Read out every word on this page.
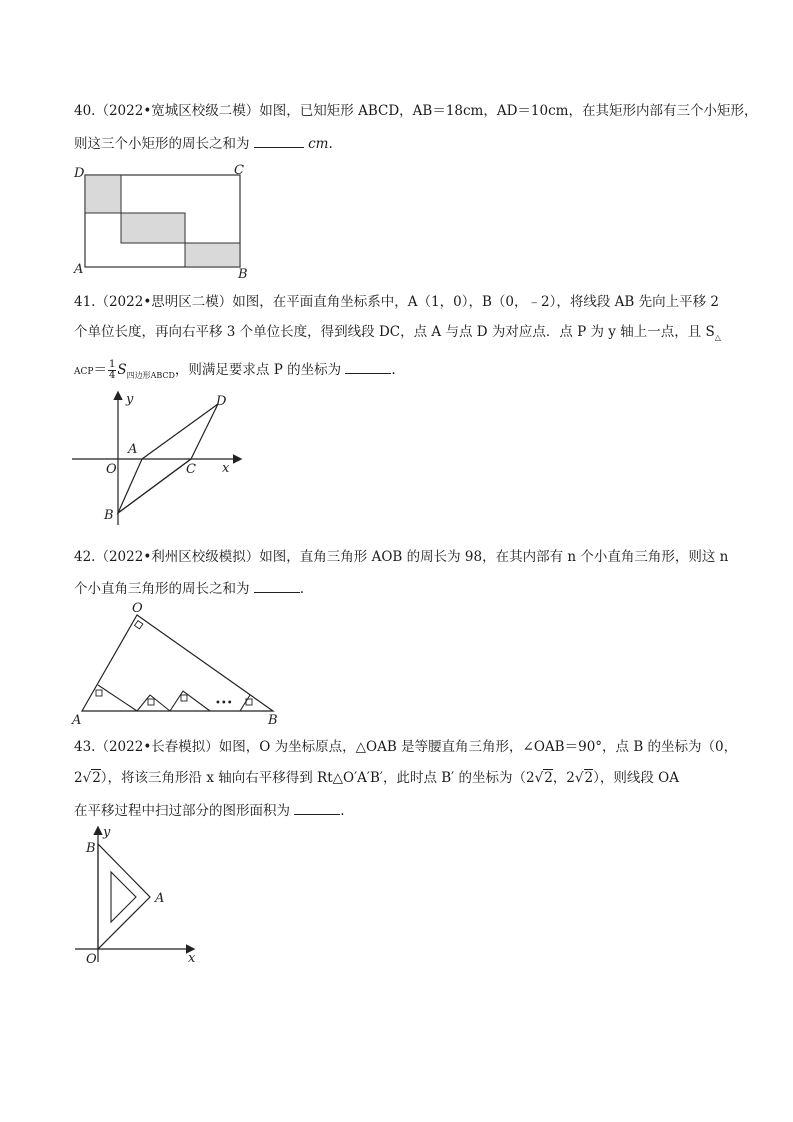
40.（2022•宽城区校级二模）如图，已知矩形 ABCD，AB＝18cm，AD＝10cm，在其矩形内部有三个小矩形，
则这三个小矩形的周长之和为	cm.
D	C
A	B
41.（2022•思明区二模）如图，在平面直角坐标系中，A（1，0），B（0，﹣2），将线段 AB 先向上平移 2
个单位长度，再向右平移 3 个单位长度，得到线段 DC，点 A 与点 D 为对应点．点 P 为 y 轴上一点，且 $S_\triangle$
$ACP= \frac{1}{4} S_{四边形ABCD}$，则满足要求点 P 的坐标为	.
y
x
A
D
C
O
B
42.（2022•利州区校级模拟）如图，直角三角形 AOB 的周长为 98，在其内部有 n 个小直角三角形，则这 n
个小直角三角形的周长之和为	.
•••
O
A	B
43.（2022•长春模拟）如图，O 为坐标原点，△OAB 是等腰直角三角形，∠OAB＝90°，点 B 的坐标为（0，
2√2），将该三角形沿 x 轴向右平移得到 Rt△O′A′B′，此时点 B′ 的坐标为（2√2，2√2），则线段 OA
在平移过程中扫过部分的图形面积为	.
y
x
B
A
O
